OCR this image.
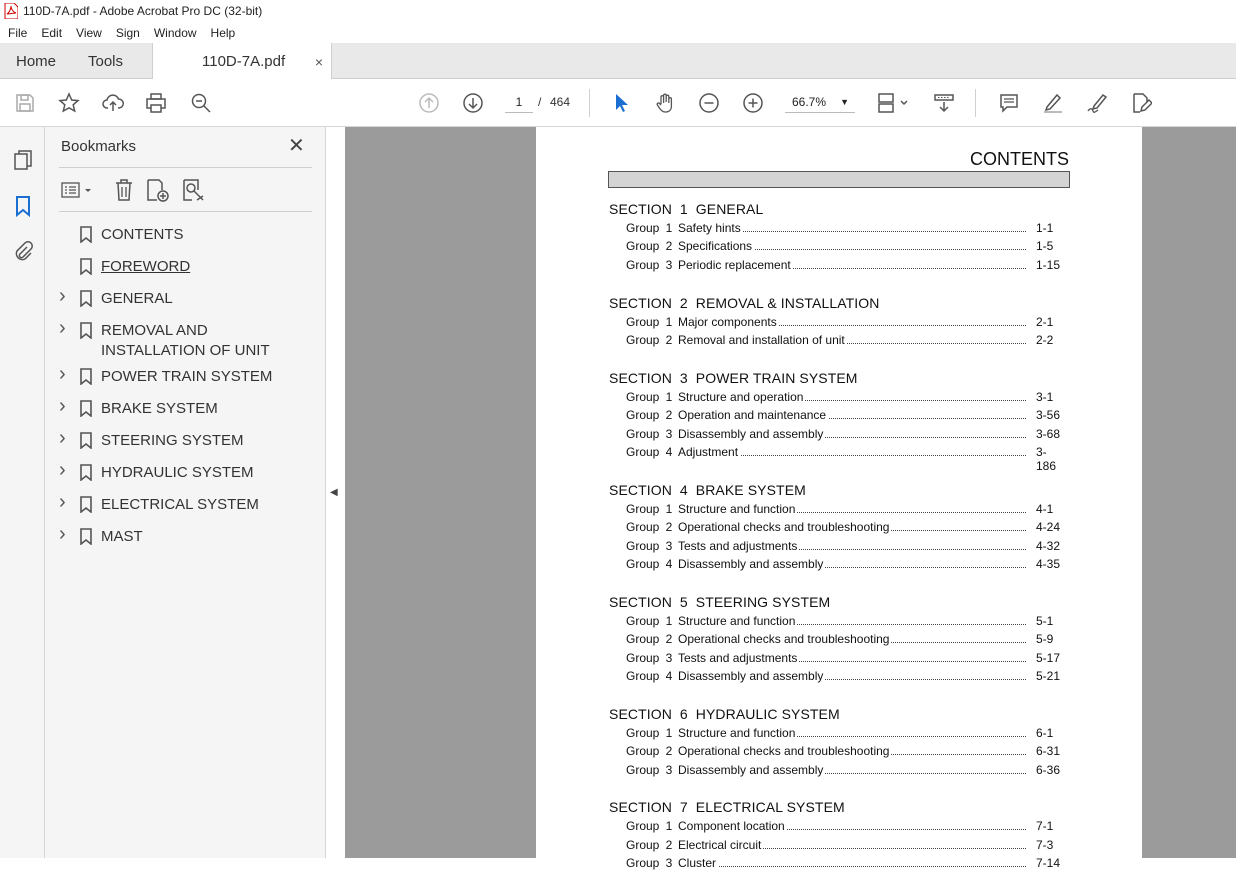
110D-7A.pdf - Adobe Acrobat Pro DC (32-bit)
File	Edit	View	Sign	Window	Help
Home Tools	110D-7A.pdf ×
1	/ 464	66.7% ▼
Bookmarks	✕
CONTENTS
FOREWORD
› GENERAL
› REMOVAL AND INSTALLATION OF UNIT
› POWER TRAIN SYSTEM
› BRAKE SYSTEM
› STEERING SYSTEM
› HYDRAULIC SYSTEM
› ELECTRICAL SYSTEM
› MAST
◀
CONTENTS
SECTION  1  GENERAL
Group 1 Safety hints	1-1
Group 2 Specifications	1-5
Group 3 Periodic replacement	1-15
SECTION  2  REMOVAL & INSTALLATION
Group 1 Major components	2-1
Group 2 Removal and installation of unit	2-2
SECTION  3  POWER TRAIN SYSTEM
Group 1 Structure and operation	3-1
Group 2 Operation and maintenance	3-56
Group 3 Disassembly and assembly	3-68
Group 4 Adjustment	3-186
SECTION  4  BRAKE SYSTEM
Group 1 Structure and function	4-1
Group 2 Operational checks and troubleshooting	4-24
Group 3 Tests and adjustments	4-32
Group 4 Disassembly and assembly	4-35
SECTION  5  STEERING SYSTEM
Group 1 Structure and function	5-1
Group 2 Operational checks and troubleshooting	5-9
Group 3 Tests and adjustments	5-17
Group 4 Disassembly and assembly	5-21
SECTION  6  HYDRAULIC SYSTEM
Group 1 Structure and function	6-1
Group 2 Operational checks and troubleshooting	6-31
Group 3 Disassembly and assembly	6-36
SECTION  7  ELECTRICAL SYSTEM
Group 1 Component location	7-1
Group 2 Electrical circuit	7-3
Group 3 Cluster	7-14
